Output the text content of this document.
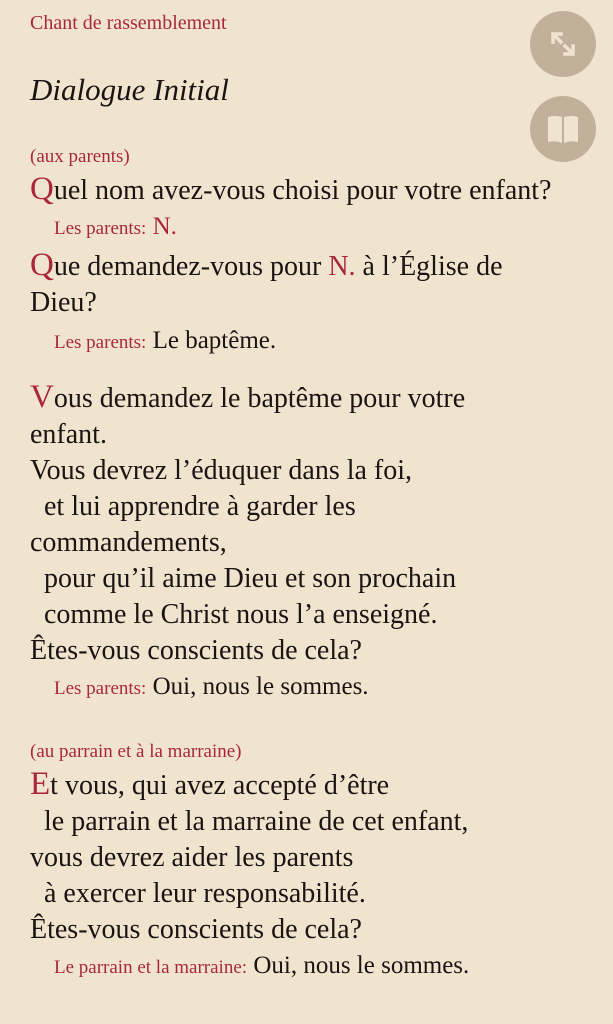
Chant de rassemblement

Dialogue Initial
(aux parents)
Quel nom avez-vous choisi pour votre enfant?
Les parents: N.
Que demandez-vous pour N. à l’Église de
Dieu?
Les parents: Le baptême.
Vous demandez le baptême pour votre
enfant.
Vous devrez l’éduquer dans la foi,
et lui apprendre à garder les
commandements,
pour qu’il aime Dieu et son prochain
comme le Christ nous l’a enseigné.
Êtes-vous conscients de cela?
Les parents: Oui, nous le sommes.
(au parrain et à la marraine)
Et vous, qui avez accepté d’être
le parrain et la marraine de cet enfant,
vous devrez aider les parents
à exercer leur responsabilité.
Êtes-vous conscients de cela?
Le parrain et la marraine: Oui, nous le sommes.
